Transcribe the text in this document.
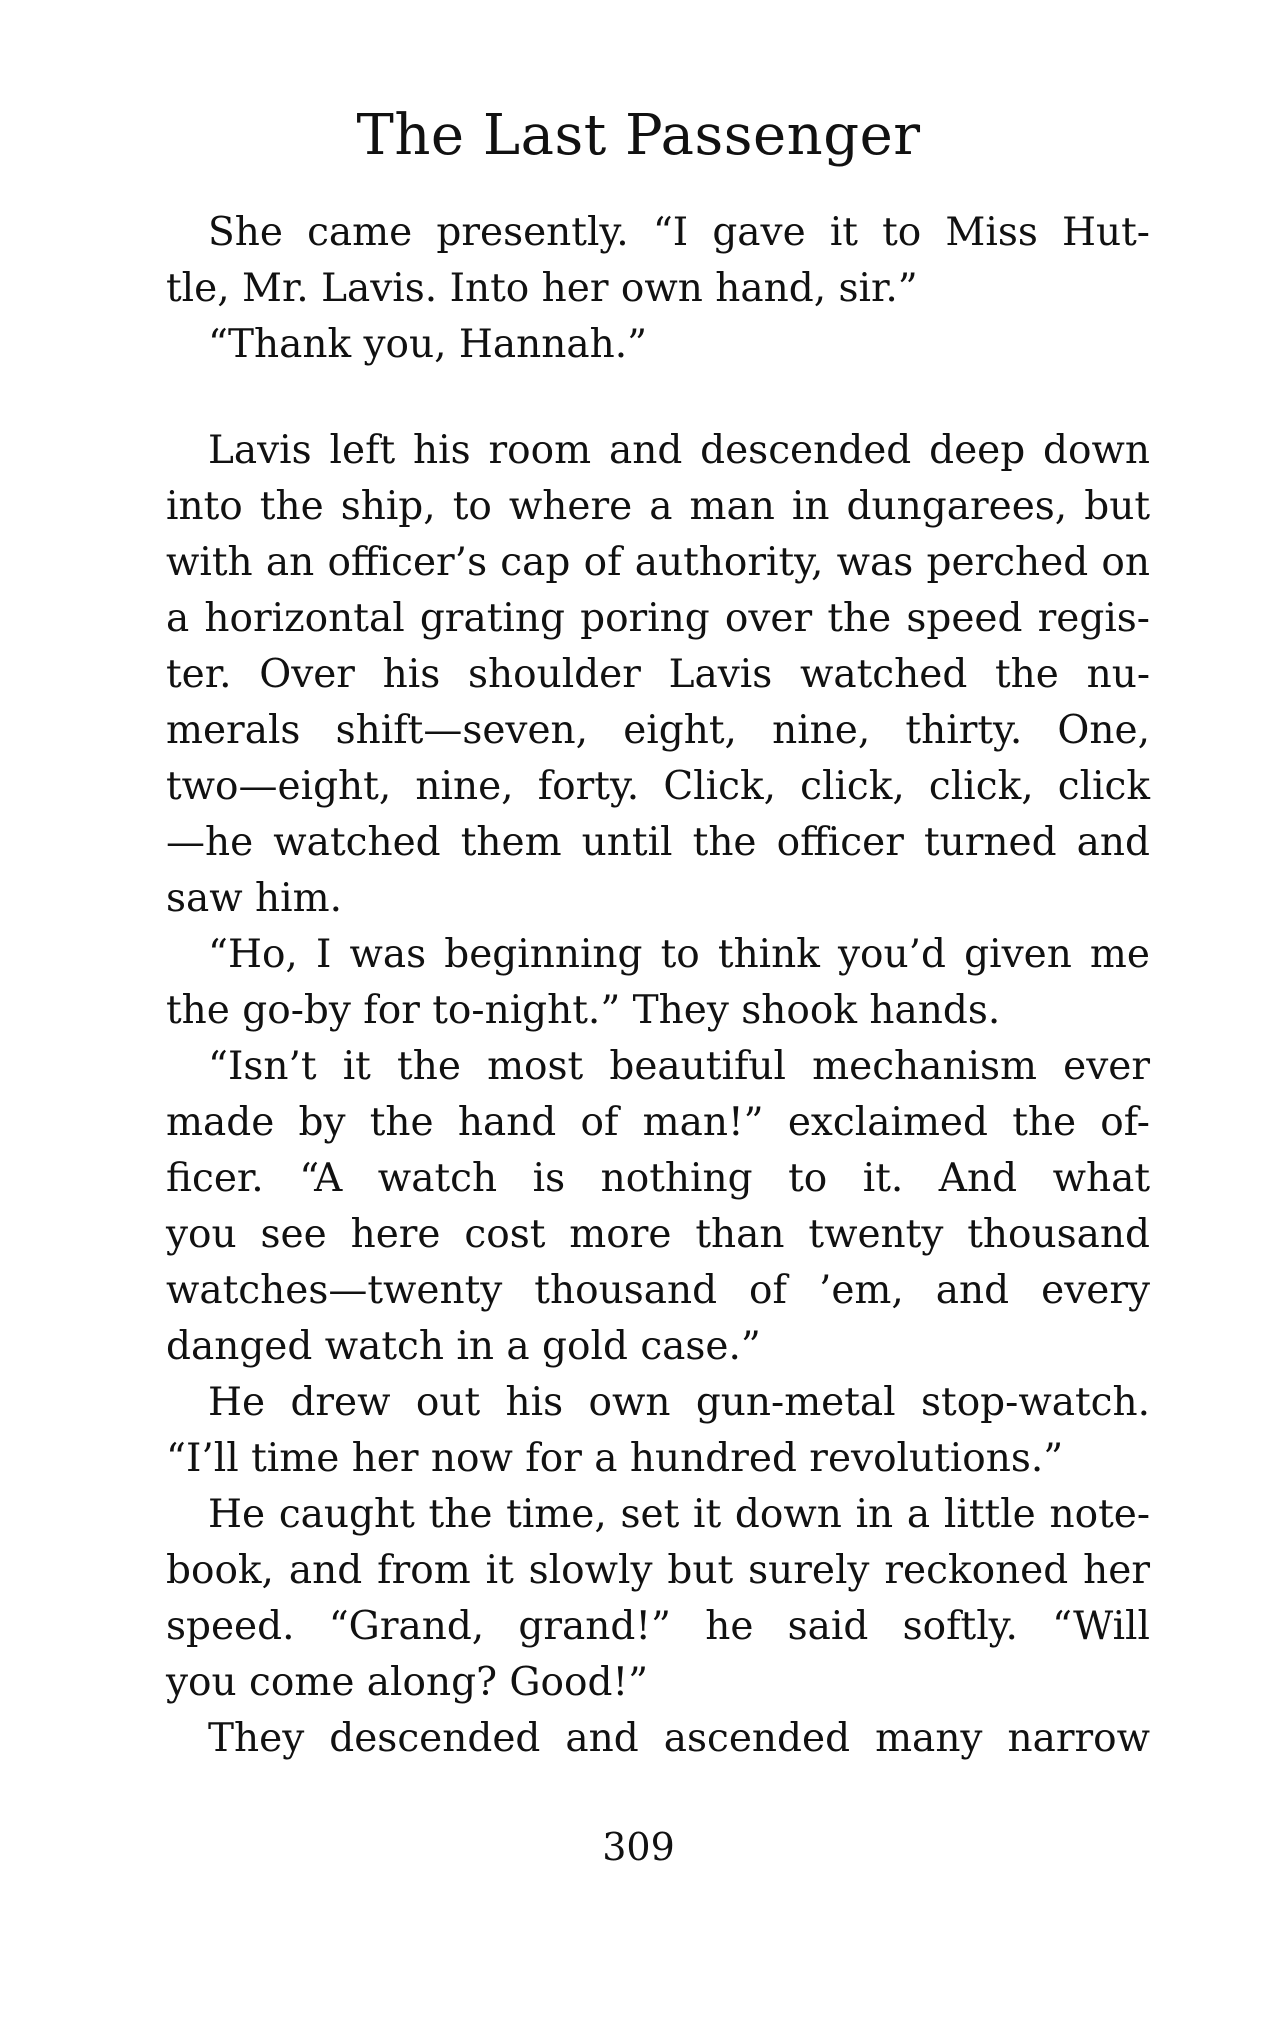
The Last Passenger
She came presently. “I gave it to Miss Hut-
tle, Mr. Lavis. Into her own hand, sir.”
“Thank you, Hannah.”
Lavis left his room and descended deep down
into the ship, to where a man in dungarees, but
with an officer’s cap of authority, was perched on
a horizontal grating poring over the speed regis-
ter. Over his shoulder Lavis watched the nu-
merals shift—seven, eight, nine, thirty. One,
two—eight, nine, forty. Click, click, click, click
—he watched them until the officer turned and
saw him.
“Ho, I was beginning to think you’d given me
the go-by for to-night.” They shook hands.
“Isn’t it the most beautiful mechanism ever
made by the hand of man!” exclaimed the of-
ficer. “A watch is nothing to it. And what
you see here cost more than twenty thousand
watches—twenty thousand of ’em, and every
danged watch in a gold case.”
He drew out his own gun-metal stop-watch.
“I’ll time her now for a hundred revolutions.”
He caught the time, set it down in a little note-
book, and from it slowly but surely reckoned her
speed. “Grand, grand!” he said softly. “Will
you come along? Good!”
They descended and ascended many narrow
309
